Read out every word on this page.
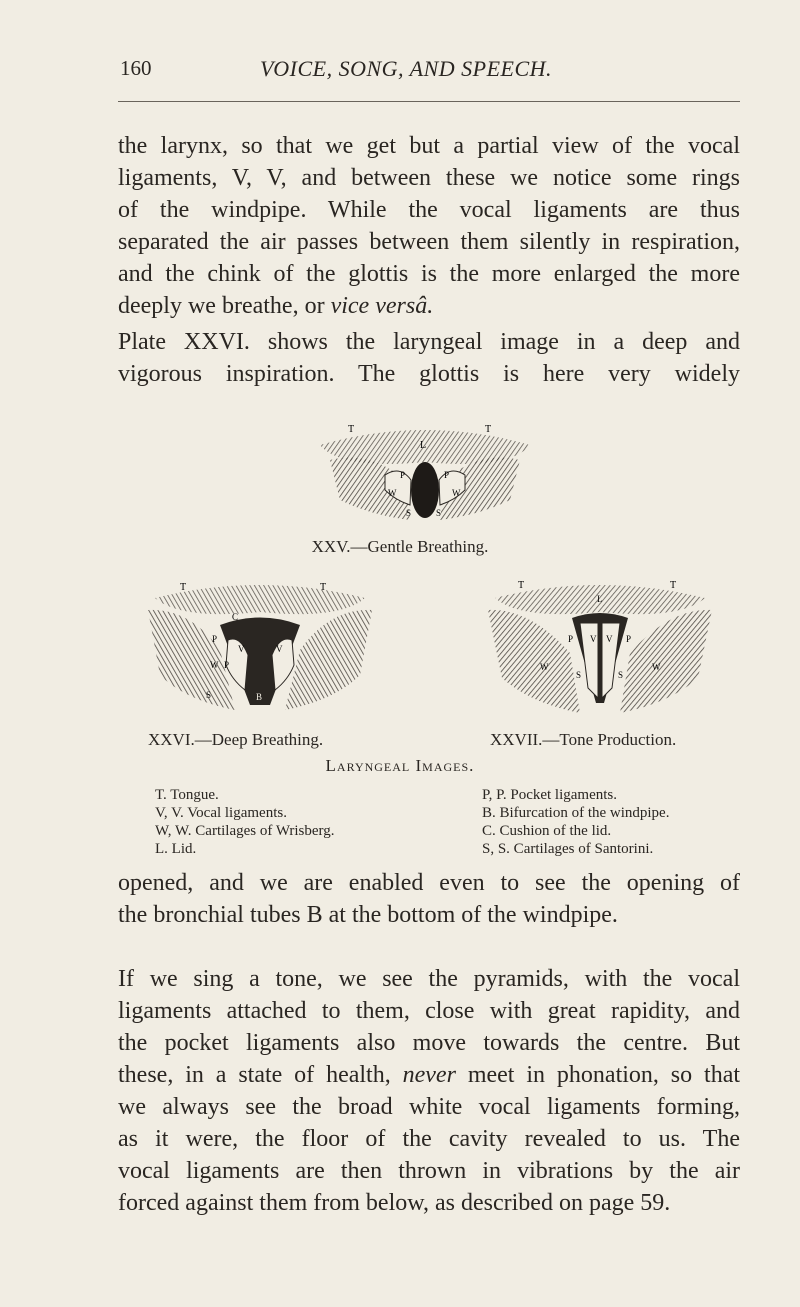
160	VOICE, SONG, AND SPEECH.

the larynx, so that we get but a partial view of the vocal
ligaments, V, V, and between these we notice some rings
of the windpipe. While the vocal ligaments are thus
separated the air passes between them silently in respiration,
and the chink of the glottis is the more enlarged the more
deeply we breathe, or vice versâ.

Plate XXVI. shows the laryngeal image in a deep and
vigorous inspiration. The glottis is here very widely

T	T
L
P	P
W	W
S	S
XXV.—Gentle Breathing.
T	T
C
P
V	V
W P
S	B
XXVI.—Deep Breathing.
T	T
L
P V V P
W	W
S	S
XXVII.—Tone Production.
Laryngeal Images.
T. Tongue.
V, V. Vocal ligaments.
W, W. Cartilages of Wrisberg.
L. Lid.
P, P. Pocket ligaments.
B. Bifurcation of the windpipe.
C. Cushion of the lid.
S, S. Cartilages of Santorini.

opened, and we are enabled even to see the opening of
the bronchial tubes B at the bottom of the windpipe.

If we sing a tone, we see the pyramids, with the vocal
ligaments attached to them, close with great rapidity, and
the pocket ligaments also move towards the centre. But
these, in a state of health, never meet in phonation, so that
we always see the broad white vocal ligaments forming,
as it were, the floor of the cavity revealed to us. The
vocal ligaments are then thrown in vibrations by the air
forced against them from below, as described on page 59.
